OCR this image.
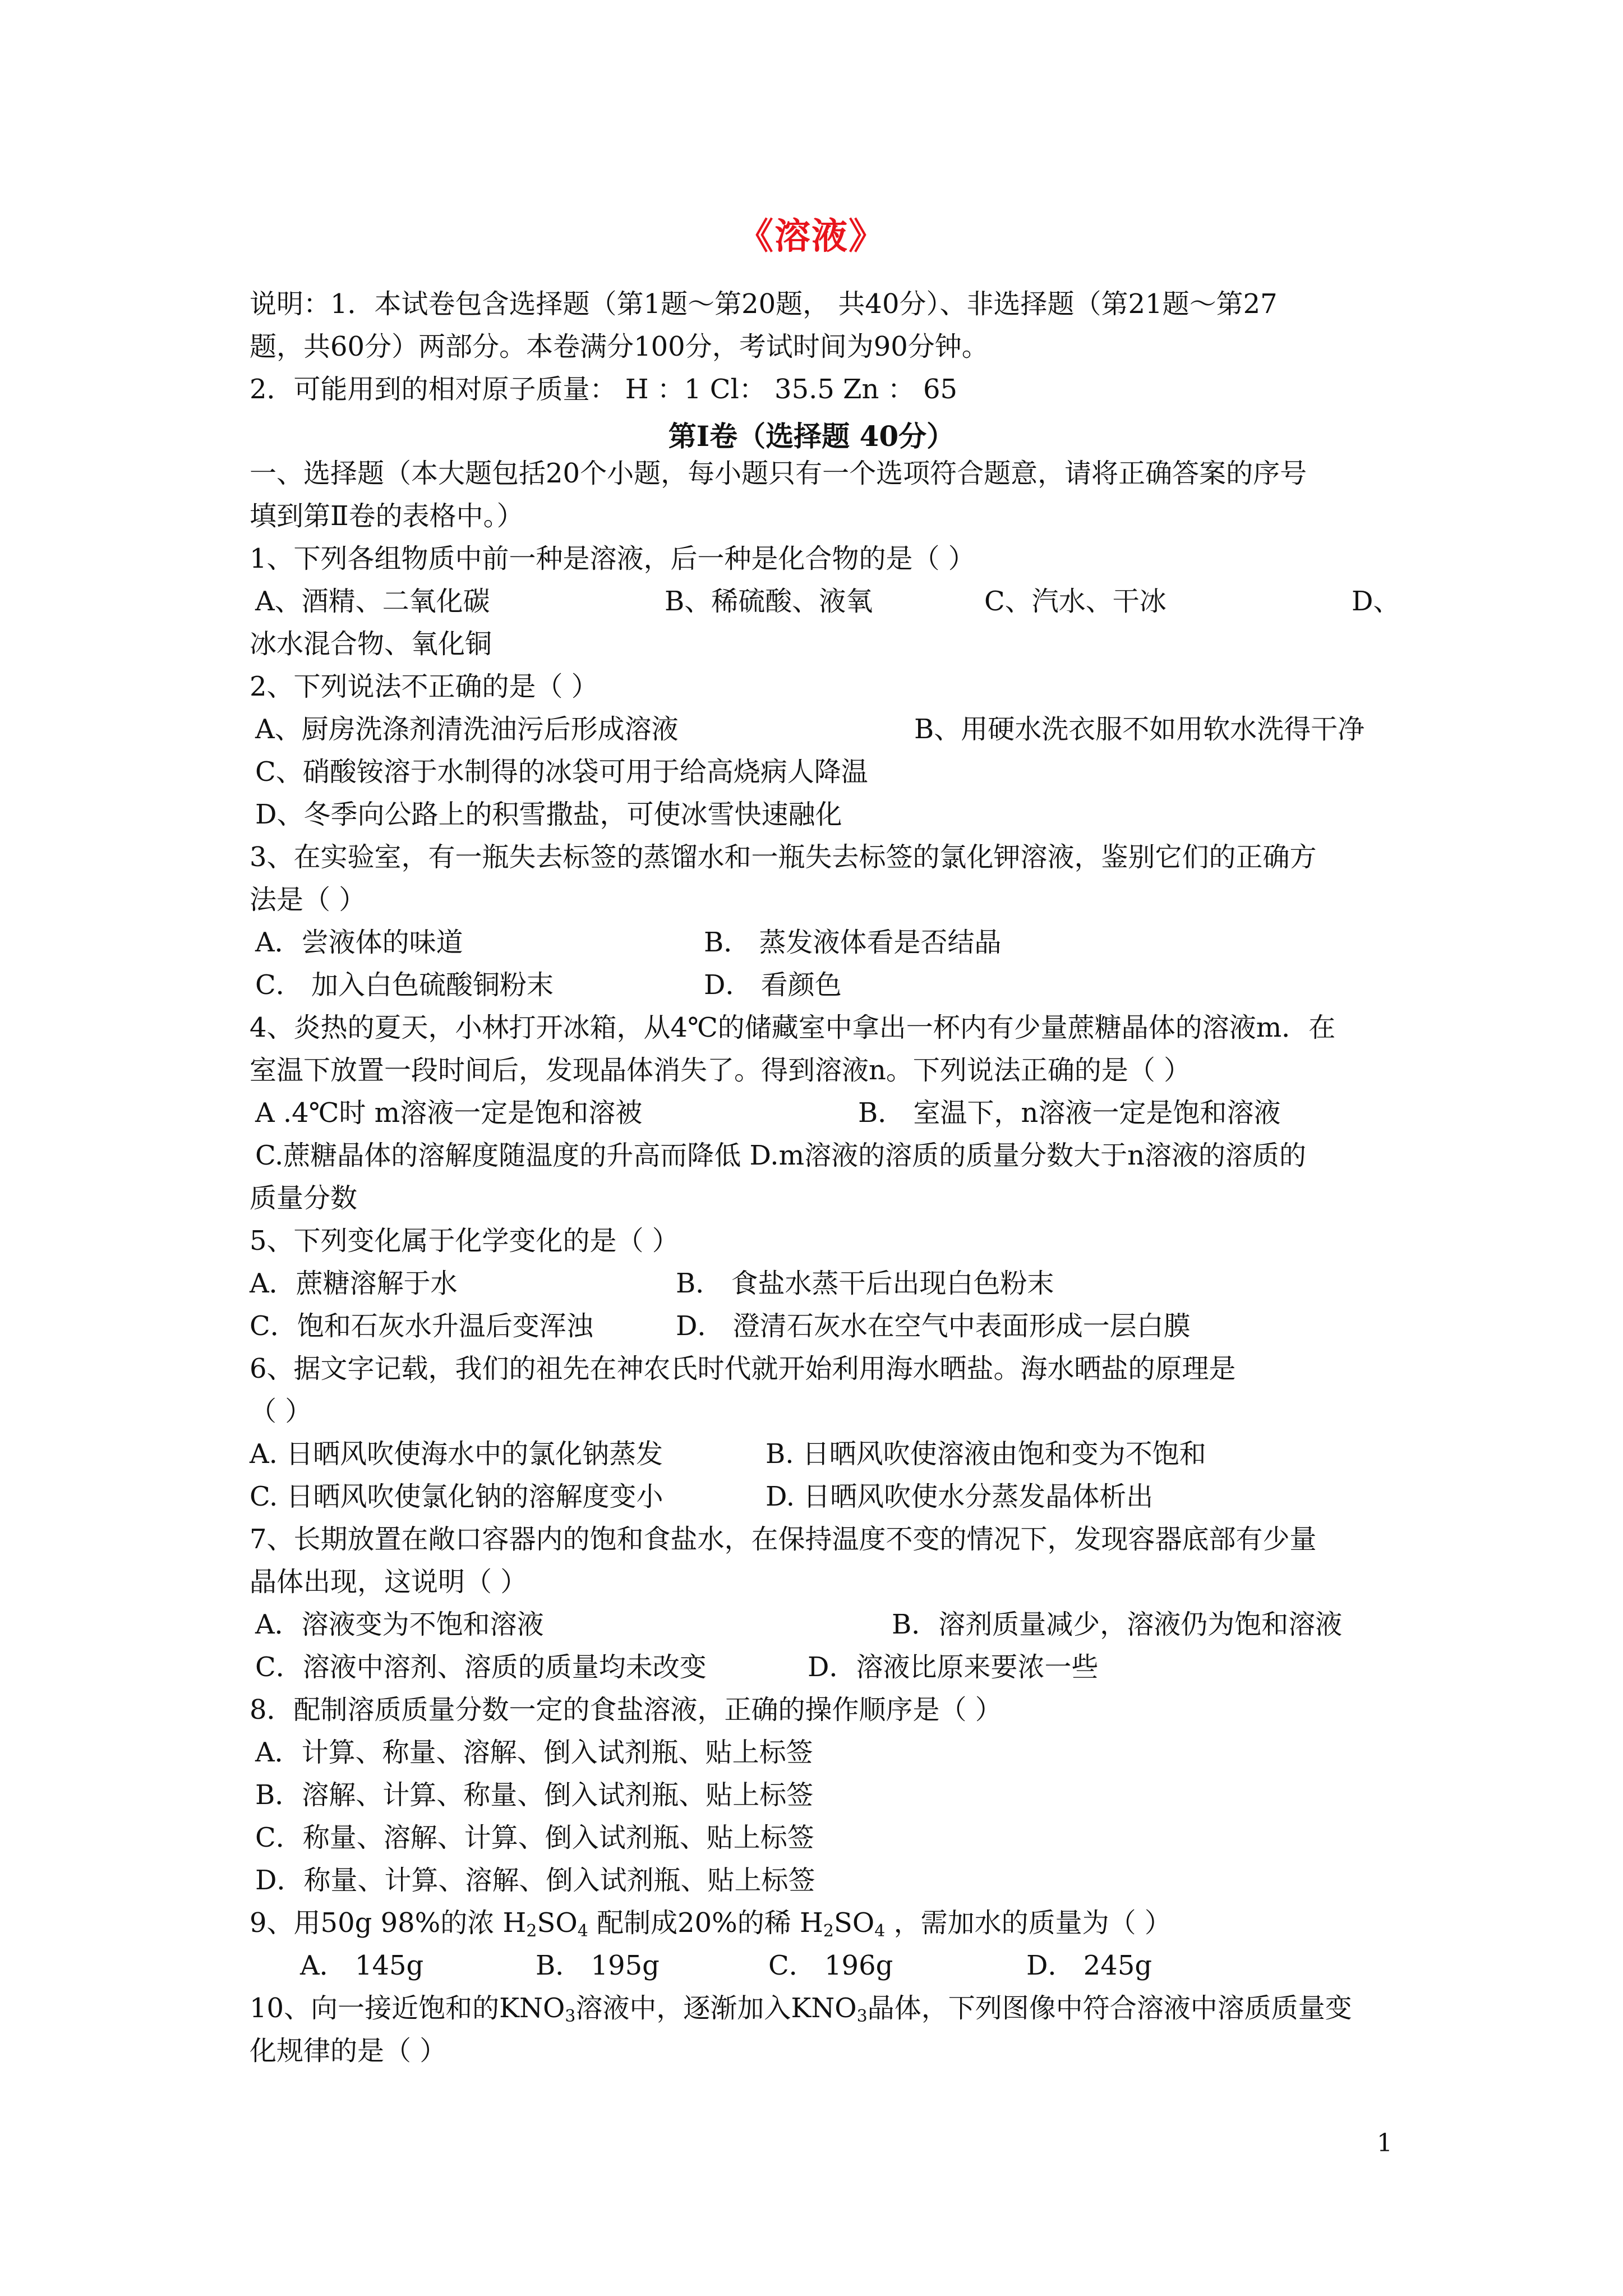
《溶液》
说明：1．本试卷包含选择题（第1题～第20题， 共40分）、非选择题（第21题～第27
题，共60分）两部分。本卷满分100分，考试时间为90分钟。
2．可能用到的相对原子质量： H ：1 Cl： 35.5 Zn ： 65
第Ⅰ卷（选择题 40分）
一、选择题（本大题包括20个小题，每小题只有一个选项符合题意，请将正确答案的序号
填到第Ⅱ卷的表格中。）
1、下列各组物质中前一种是溶液，后一种是化合物的是（ ）
A、酒精、二氧化碳	B、稀硫酸、液氧	C、汽水、干冰	D、
冰水混合物、氧化铜
2、下列说法不正确的是（ ）
A、厨房洗涤剂清洗油污后形成溶液	B、用硬水洗衣服不如用软水洗得干净
C、硝酸铵溶于水制得的冰袋可用于给高烧病人降温
D、冬季向公路上的积雪撒盐，可使冰雪快速融化
3、在实验室，有一瓶失去标签的蒸馏水和一瓶失去标签的氯化钾溶液，鉴别它们的正确方
法是（ ）
A．尝液体的味道	B． 蒸发液体看是否结晶
C． 加入白色硫酸铜粉末	D． 看颜色
4、炎热的夏天，小林打开冰箱，从4℃的储藏室中拿出一杯内有少量蔗糖晶体的溶液m．在
室温下放置一段时间后，发现晶体消失了。得到溶液n。下列说法正确的是（ ）
A .4℃时 m溶液一定是饱和溶被	B． 室温下，n溶液一定是饱和溶液
C.蔗糖晶体的溶解度随温度的升高而降低 D.m溶液的溶质的质量分数大于n溶液的溶质的
质量分数
5、下列变化属于化学变化的是（ ）
A．蔗糖溶解于水	B． 食盐水蒸干后出现白色粉末
C．饱和石灰水升温后变浑浊	D． 澄清石灰水在空气中表面形成一层白膜
6、据文字记载，我们的祖先在神农氏时代就开始利用海水晒盐。海水晒盐的原理是
（ ）
A. 日晒风吹使海水中的氯化钠蒸发	B. 日晒风吹使溶液由饱和变为不饱和
C. 日晒风吹使氯化钠的溶解度变小	D. 日晒风吹使水分蒸发晶体析出
7、长期放置在敞口容器内的饱和食盐水，在保持温度不变的情况下，发现容器底部有少量
晶体出现，这说明（ ）
A．溶液变为不饱和溶液	B．溶剂质量减少，溶液仍为饱和溶液
C．溶液中溶剂、溶质的质量均未改变	D．溶液比原来要浓一些
8．配制溶质质量分数一定的食盐溶液，正确的操作顺序是（ ）
A．计算、称量、溶解、倒入试剂瓶、贴上标签
B．溶解、计算、称量、倒入试剂瓶、贴上标签
C．称量、溶解、计算、倒入试剂瓶、贴上标签
D．称量、计算、溶解、倒入试剂瓶、贴上标签
9、用50g 98%的浓 $H_2SO_4$ 配制成20%的稀 $H_2SO_4$ ，需加水的质量为（ ）
A． 145g	B． 195g	C． 196g	D． 245g
10、向一接近饱和的$KNO_3$溶液中，逐渐加入$KNO_3$晶体，下列图像中符合溶液中溶质质量变
化规律的是（ ）
1
